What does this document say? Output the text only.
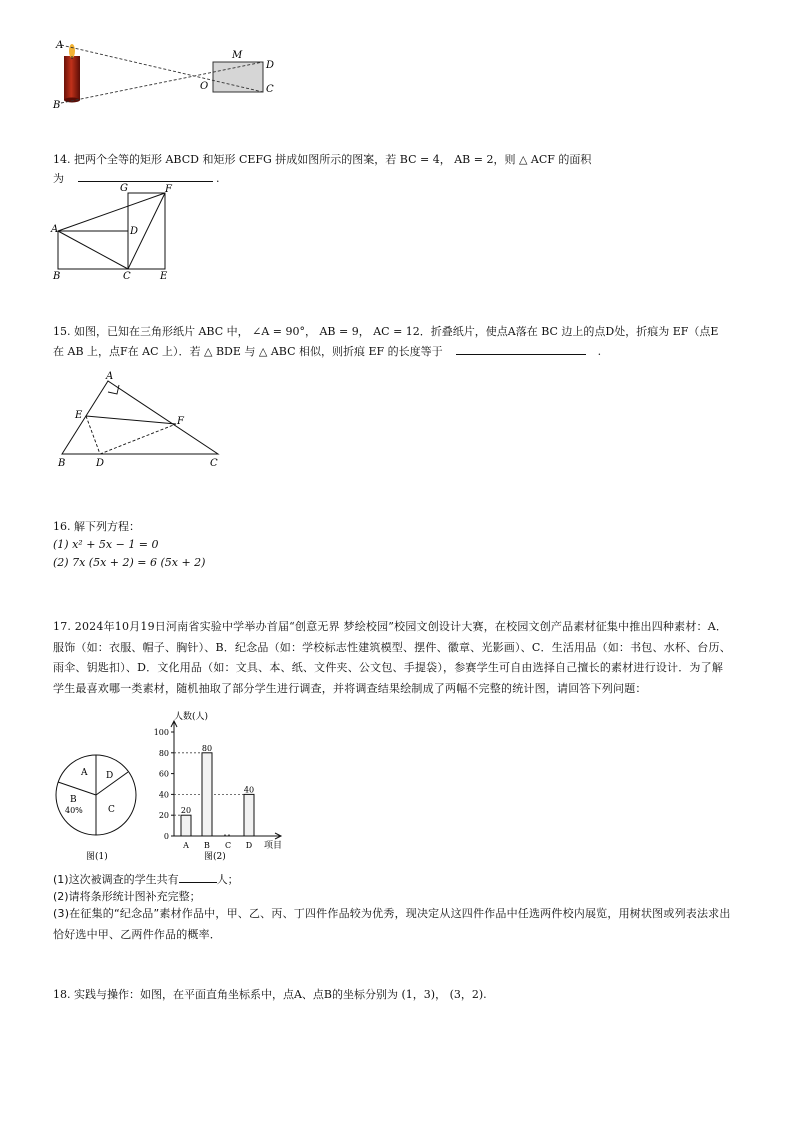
A
B
M
O
D
C
14. 把两个全等的矩形 ABCD 和矩形 CEFG 拼成如图所示的图案，若 BC = 4， AB = 2，则 △ ACF 的面积
为	.
G	F
A	D
B	C	E
15. 如图，已知在三角形纸片 ABC 中， ∠A = 90°， AB = 9， AC = 12．折叠纸片，使点A落在 BC 边上的点D处，折痕为 EF（点E
在 AB 上，点F在 AC 上）．若 △ BDE 与 △ ABC 相似，则折痕 EF 的长度等于	.
A
E
F
B	D	C
16. 解下列方程：
(1) x² + 5x − 1 = 0
(2) 7x (5x + 2) = 6 (5x + 2)
17. 2024年10月19日河南省实验中学举办首届“创意无界 梦绘校园”校园文创设计大赛，在校园文创产品素材征集中推出四种素材：A．服饰（如：衣服、帽子、胸针）、B．纪念品（如：学校标志性建筑模型、摆件、徽章、光影画）、C．生活用品（如：书包、水杯、台历、雨伞、钥匙扣）、D．文化用品（如：文具、本、纸、文件夹、公文包、手提袋），参赛学生可自由选择自己擅长的素材进行设计．为了解学生最喜欢哪一类素材，随机抽取了部分学生进行调查，并将调查结果绘制成了两幅不完整的统计图，请回答下列问题：
A D
B
40%	C
图(1)
人数(人)
项目
图(2)
0
20
40
60
80
100
A B C D
20
80
40
(1)这次被调查的学生共有	人；
(2)请将条形统计图补充完整；
(3)在征集的“纪念品”素材作品中，甲、乙、丙、丁四件作品较为优秀，现决定从这四件作品中任选两件校内展览，用树状图或列表法求出恰好选中甲、乙两件作品的概率．
18. 实践与操作：如图，在平面直角坐标系中，点A、点B的坐标分别为 (1，3)， (3，2).
